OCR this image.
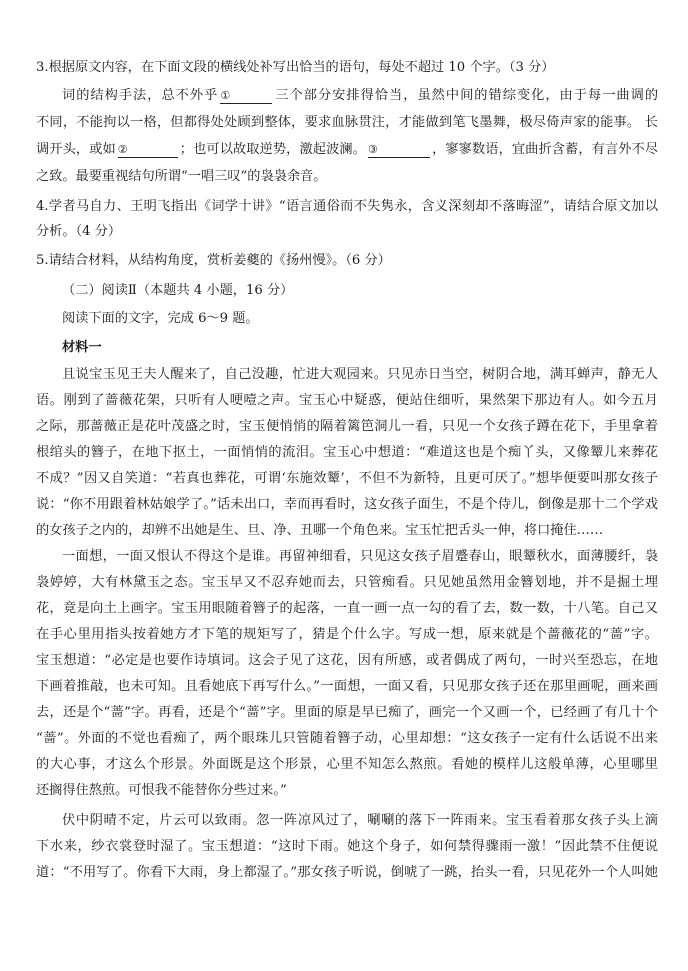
3.根据原文内容，在下面文段的横线处补写出恰当的语句，每处不超过 10 个字。（3 分）
词的结构手法，总不外乎 ①	三个部分安排得恰当，虽然中间的错综变化，由于每一曲调的
不同，不能拘以一格，但都得处处顾到整体，要求血脉贯注，才能做到笔飞墨舞，极尽倚声家的能事。 长
调开头，或如 ②	；也可以故取逆势，激起波澜。 ③	，寥寥数语，宜曲折含蓄，有言外不尽
之致。最要重视结句所谓“一唱三叹”的袅袅余音。
4.学者马自力、王明飞指出《词学十讲》“语言通俗而不失隽永，含义深刻却不落晦涩”，请结合原文加以
分析。（4 分）
5.请结合材料，从结构角度，赏析姜夔的《扬州慢》。（6 分）
（二）阅读Ⅱ（本题共 4 小题，16 分）
阅读下面的文字，完成 6～9 题。
材料一
且说宝玉见王夫人醒来了，自己没趣，忙进大观园来。只见赤日当空，树阴合地，满耳蝉声，静无人
语。刚到了蔷薇花架，只听有人哽噎之声。宝玉心中疑惑，便站住细听，果然架下那边有人。如今五月
之际，那蔷薇正是花叶茂盛之时，宝玉便悄悄的隔着篱笆洞儿一看，只见一个女孩子蹲在花下，手里拿着
根绾头的簪子，在地下抠土，一面悄悄的流泪。宝玉心中想道：“难道这也是个痴丫头，又像颦儿来葬花
不成？”因又自笑道：“若真也葬花，可谓‘东施效颦’，不但不为新特，且更可厌了。”想毕便要叫那女孩子
说：“你不用跟着林姑娘学了。”话未出口，幸而再看时，这女孩子面生，不是个侍儿，倒像是那十二个学戏
的女孩子之内的，却辨不出她是生、旦、净、丑哪一个角色来。宝玉忙把舌头一伸，将口掩住……
一面想，一面又恨认不得这个是谁。再留神细看，只见这女孩子眉蹙春山，眼颦秋水，面薄腰纤，袅
袅婷婷，大有林黛玉之态。宝玉早又不忍弃她而去，只管痴看。只见她虽然用金簪划地，并不是掘土埋
花，竟是向土上画字。宝玉用眼随着簪子的起落，一直一画一点一勾的看了去，数一数，十八笔。自己又
在手心里用指头按着她方才下笔的规矩写了，猜是个什么字。写成一想，原来就是个蔷薇花的“蔷”字。
宝玉想道：“必定是也要作诗填词。这会子见了这花，因有所感，或者偶成了两句，一时兴至恐忘，在地
下画着推敲，也未可知。且看她底下再写什么。”一面想，一面又看，只见那女孩子还在那里画呢，画来画
去，还是个“蔷”字。再看，还是个“蔷”字。里面的原是早已痴了，画完一个又画一个，已经画了有几十个
“蔷”。外面的不觉也看痴了，两个眼珠儿只管随着簪子动，心里却想：“这女孩子一定有什么话说不出来
的大心事，才这么个形景。外面既是这个形景，心里不知怎么熬煎。看她的模样儿这般单薄，心里哪里
还搁得住熬煎。可恨我不能替你分些过来。”
伏中阴晴不定，片云可以致雨。忽一阵凉风过了，唰唰的落下一阵雨来。宝玉看着那女孩子头上滴
下水来，纱衣裳登时湿了。宝玉想道：“这时下雨。她这个身子，如何禁得骤雨一激！”因此禁不住便说
道：“不用写了。你看下大雨，身上都湿了。”那女孩子听说，倒唬了一跳，抬头一看，只见花外一个人叫她
